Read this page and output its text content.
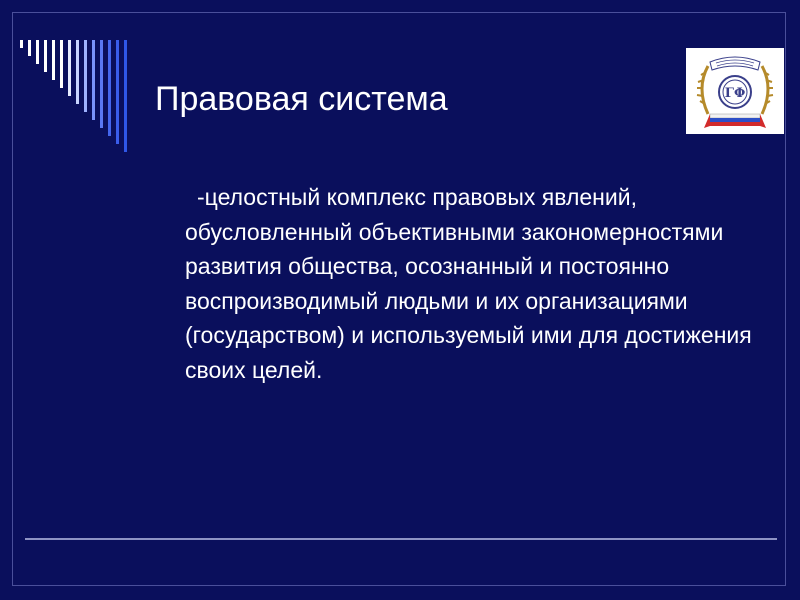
Правовая система	ΓΦ

-целостный комплекс правовых явлений, обусловленный объективными закономерностями развития общества, осознанный и постоянно воспроизводимый людьми и их организациями (государством) и используемый ими для достижения своих целей.
